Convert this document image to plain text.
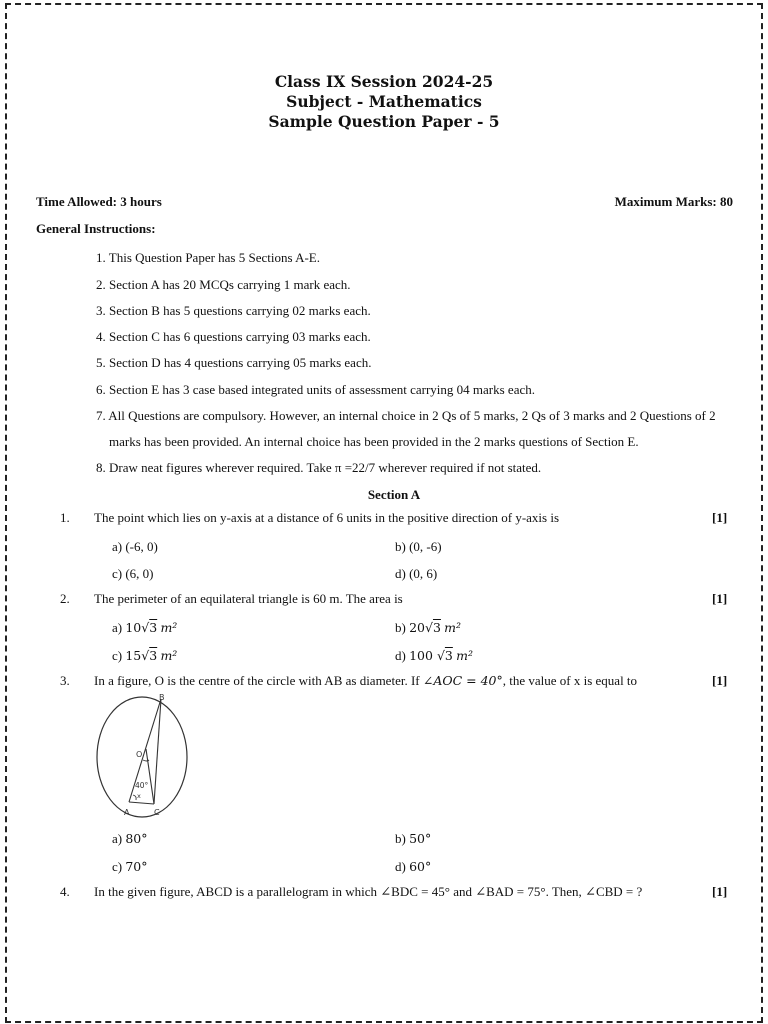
Class IX Session 2024-25
Subject - Mathematics
Sample Question Paper - 5
Time Allowed: 3 hours	Maximum Marks: 80
General Instructions:
1. This Question Paper has 5 Sections A-E.
2. Section A has 20 MCQs carrying 1 mark each.
3. Section B has 5 questions carrying 02 marks each.
4. Section C has 6 questions carrying 03 marks each.
5. Section D has 4 questions carrying 05 marks each.
6. Section E has 3 case based integrated units of assessment carrying 04 marks each.
7. All Questions are compulsory. However, an internal choice in 2 Qs of 5 marks, 2 Qs of 3 marks and 2 Questions of 2 marks has been provided. An internal choice has been provided in the 2 marks questions of Section E.
8. Draw neat figures wherever required. Take π =22/7 wherever required if not stated.
Section A
1. The point which lies on y-axis at a distance of 6 units in the positive direction of y-axis is	[1]
a) (-6, 0)	b) (0, -6)
c) (6, 0)	d) (0, 6)
2. The perimeter of an equilateral triangle is 60 m. The area is	[1]
a) 10√3 m²	b) 20√3 m²
c) 15√3 m²	d) 100 √3 m²
3. In a figure, O is the centre of the circle with AB as diameter. If ∠AOC = 40°, the value of x is equal to	[1]
B
O
40°
x
A	C
a) 80°	b) 50°
c) 70°	d) 60°
4. In the given figure, ABCD is a parallelogram in which ∠BDC = 45° and ∠BAD = 75°. Then, ∠CBD = ?	[1]
